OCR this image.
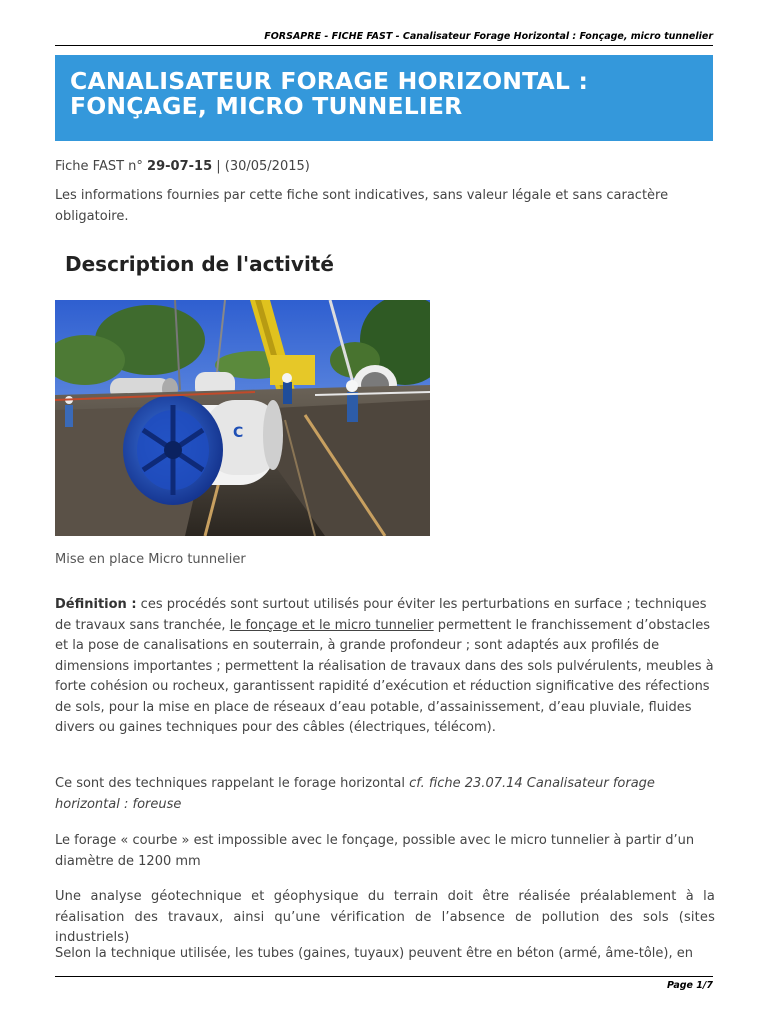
FORSAPRE - FICHE FAST - Canalisateur Forage Horizontal : Fonçage, micro tunnelier
CANALISATEUR FORAGE HORIZONTAL :
FONÇAGE, MICRO TUNNELIER
Fiche FAST n° 29-07-15 | (30/05/2015)

Les informations fournies par cette fiche sont indicatives, sans valeur légale et sans caractère obligatoire.

Description de l'activité
C
Mise en place Micro tunnelier

Définition : ces procédés sont surtout utilisés pour éviter les perturbations en surface ; techniques de travaux sans tranchée, le fonçage et le micro tunnelier permettent le franchissement d’obstacles et la pose de canalisations en souterrain, à grande profondeur ; sont adaptés aux profilés de dimensions importantes ; permettent la réalisation de travaux dans des sols pulvérulents, meubles à forte cohésion ou rocheux, garantissent rapidité d’exécution et réduction significative des réfections de sols, pour la mise en place de réseaux d’eau potable, d’assainissement, d’eau pluviale, fluides divers ou gaines techniques pour des câbles (électriques, télécom).

Ce sont des techniques rappelant le forage horizontal cf. fiche 23.07.14 Canalisateur forage horizontal : foreuse

Le forage « courbe » est impossible avec le fonçage, possible avec le micro tunnelier à partir d’un diamètre de 1200 mm

Une analyse géotechnique et géophysique du terrain doit être réalisée préalablement à la réalisation des travaux, ainsi qu’une vérification de l’absence de pollution des sols (sites industriels)

Selon la technique utilisée, les tubes (gaines, tuyaux) peuvent être en béton (armé, âme-tôle), en

Page 1/7
